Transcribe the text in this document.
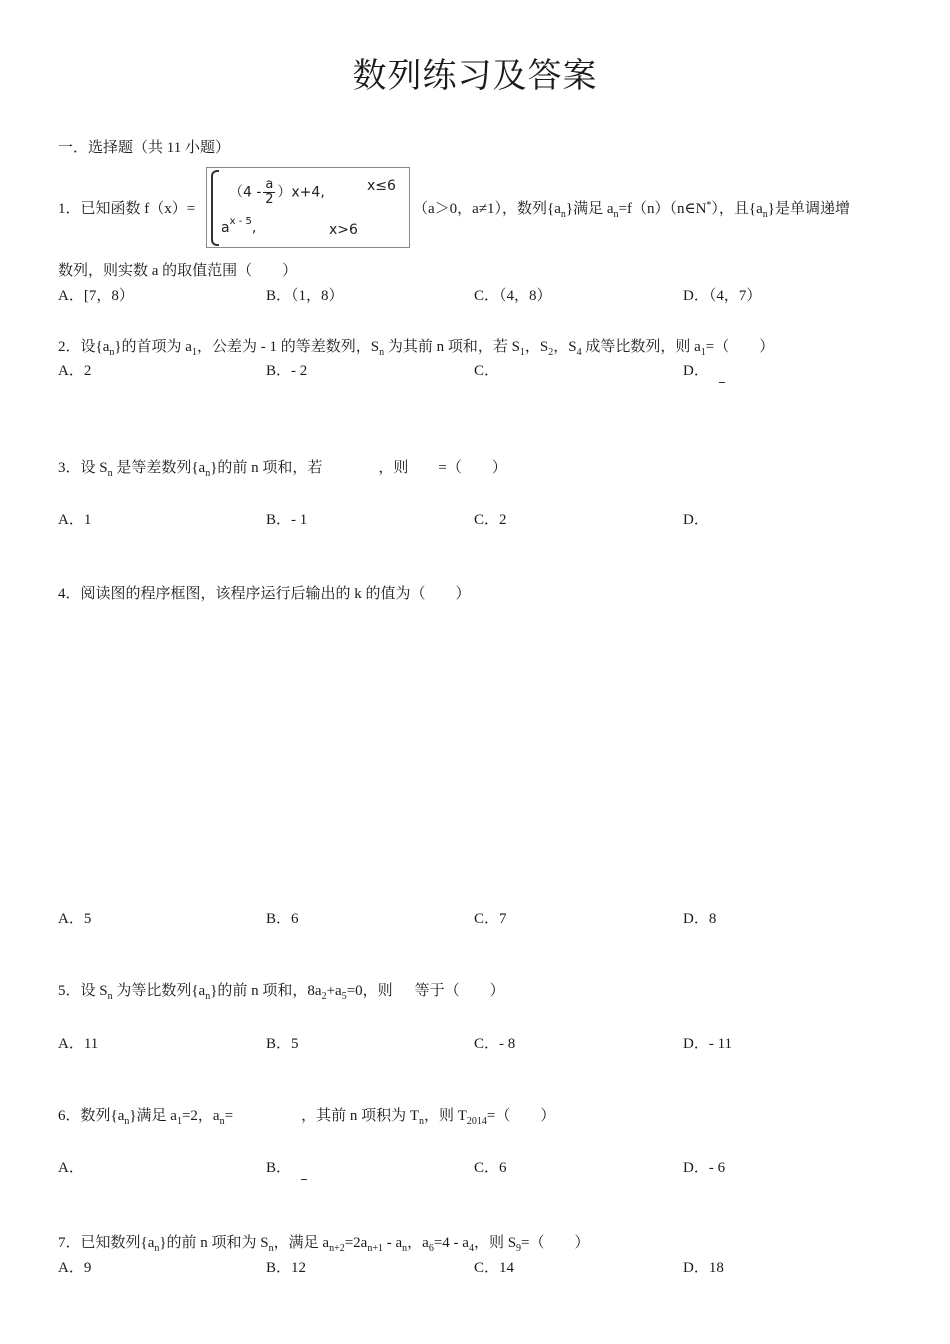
数列练习及答案
一．选择题（共 11 小题）
1．已知函数 f（x）=
$(4 - \frac{a}{2} )x+4$,	x≤6
$a^{x - 5}$,	x>6
（a＞0，a≠1），数列$\{a_n\}$满足 $a_n=f(n)(n\in N^*)$，且$\{a_n\}$是单调递增
数列，则实数 a 的取值范围（　　）
A．[7，8）	B．（1，8）	C．（4，8）	D．（4，7）
2．设$\{a_n\}$的首项为 $a_1$，公差为 - 1 的等差数列，$S_n$ 为其前 n 项和，若 $S_1$，$S_2$，$S_4$ 成等比数列，则 $a_1=$（　　）
A．2	B．- 2	C．	D．
3．设 $S_n$ 是等差数列$\{a_n\}$的前 n 项和，若	，则 =（　　）
A．1	B．- 1	C．2	D．
4．阅读图的程序框图，该程序运行后输出的 k 的值为（　　）
A．5	B．6	C．7	D．8
5．设 $S_n$ 为等比数列$\{a_n\}$的前 n 项和，$8a_2+a_5=0$，则 等于（　　）
A．11	B．5	C．- 8	D．- 11
6．数列$\{a_n\}$满足 $a_1=2$，$a_n=$	，其前 n 项积为 $T_n$，则 $T_{2014}=$（　　）
A．	B．	C．6	D．- 6
7．已知数列$\{a_n\}$的前 n 项和为 $S_n$，满足 $a_{n+2}=2a_{n+1} - a_n$，$a_6=4 - a_4$，则 $S_9=$（　　）
A．9	B．12	C．14	D．18
